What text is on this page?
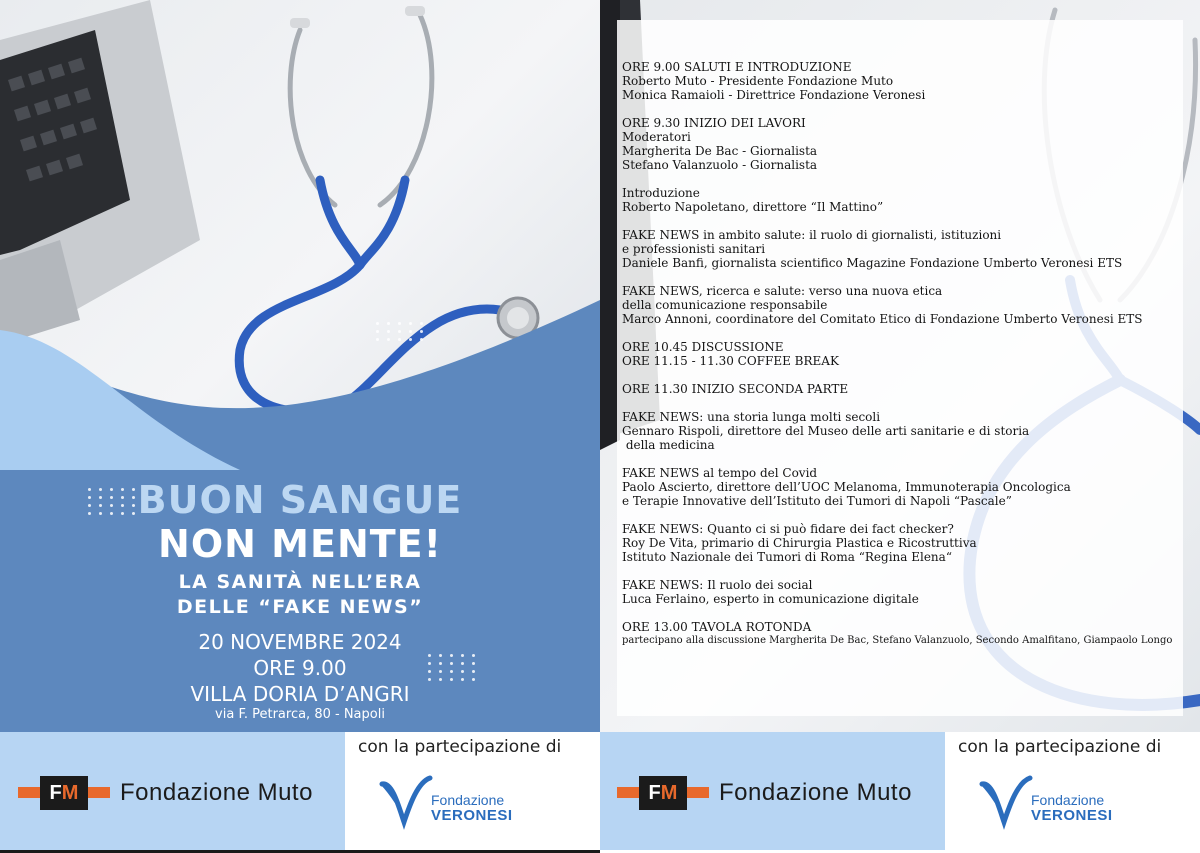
BUON SANGUE
NON MENTE!
LA SANITÀ NELL’ERA
DELLE “FAKE NEWS”
20 NOVEMBRE 2024
ORE 9.00
VILLA DORIA D’ANGRI
via F. Petrarca, 80 - Napoli
F M Fondazione Muto
con la partecipazione di
Fondazione
VERONESI
F M Fondazione Muto
con la partecipazione di
Fondazione
VERONESI
ORE 9.00 SALUTI E INTRODUZIONE
Roberto Muto - Presidente Fondazione Muto
Monica Ramaioli - Direttrice Fondazione Veronesi
ORE 9.30 INIZIO DEI LAVORI
Moderatori
Margherita De Bac - Giornalista
Stefano Valanzuolo - Giornalista
Introduzione
Roberto Napoletano, direttore “Il Mattino”
FAKE NEWS in ambito salute: il ruolo di giornalisti, istituzioni
e professionisti sanitari
Daniele Banfi, giornalista scientifico Magazine Fondazione Umberto Veronesi ETS
FAKE NEWS, ricerca e salute: verso una nuova etica
della comunicazione responsabile
Marco Annoni, coordinatore del Comitato Etico di Fondazione Umberto Veronesi ETS
ORE 10.45 DISCUSSIONE
ORE 11.15 - 11.30 COFFEE BREAK
ORE 11.30 INIZIO SECONDA PARTE
FAKE NEWS: una storia lunga molti secoli
Gennaro Rispoli, direttore del Museo delle arti sanitarie e di storia
della medicina
FAKE NEWS al tempo del Covid
Paolo Ascierto, direttore dell’UOC Melanoma, Immunoterapia Oncologica
e Terapie Innovative dell’Istituto dei Tumori di Napoli “Pascale”
FAKE NEWS: Quanto ci si può fidare dei fact checker?
Roy De Vita, primario di Chirurgia Plastica e Ricostruttiva
Istituto Nazionale dei Tumori di Roma “Regina Elena“
FAKE NEWS: Il ruolo dei social
Luca Ferlaino, esperto in comunicazione digitale
ORE 13.00 TAVOLA ROTONDA
partecipano alla discussione Margherita De Bac, Stefano Valanzuolo, Secondo Amalfitano, Giampaolo Longo
